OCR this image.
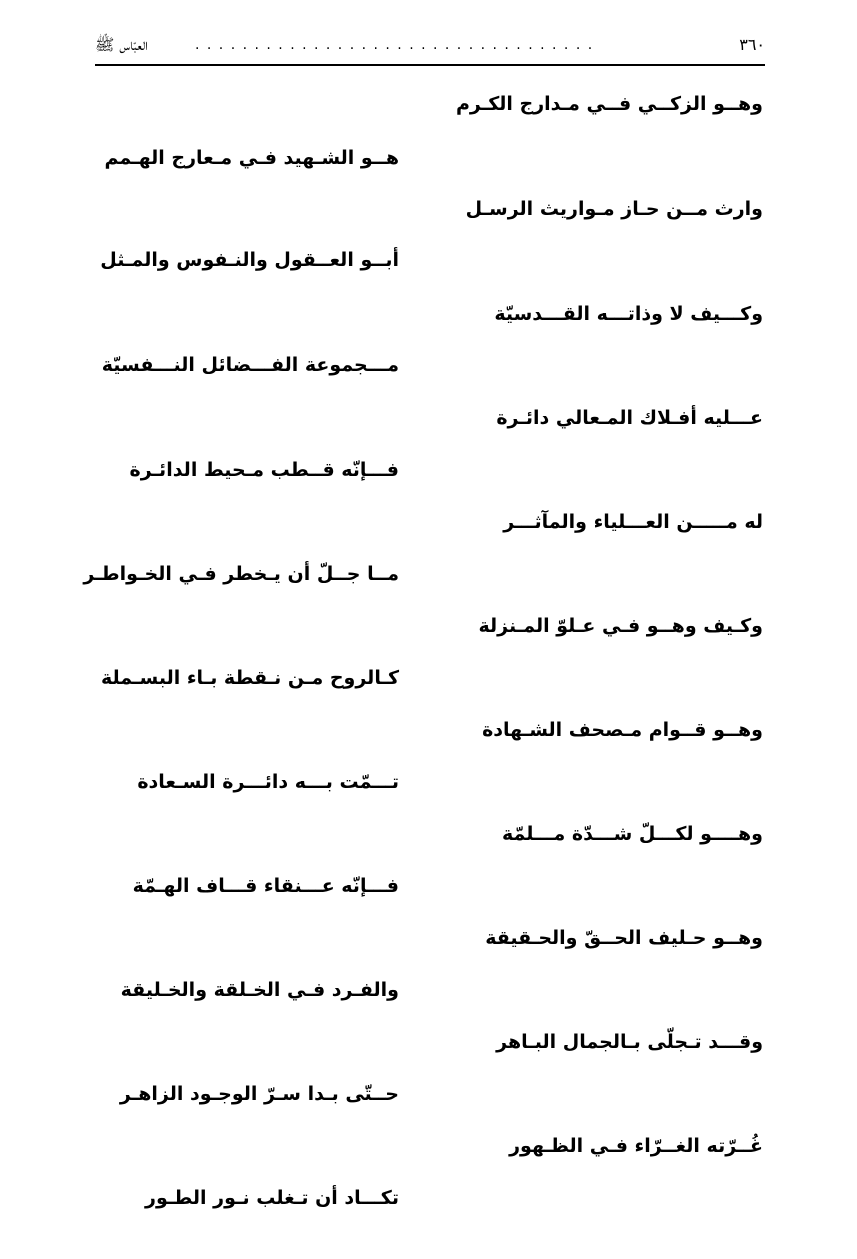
العبّاس ﷺ	. . . . . . . . . . . . . . . . . . . . . . . . . . . . . . . . . .	٣٦٠
وهــو الزكــي فــي مـدارج الكـرم
هــو الشـهيد فـي مـعارج الهـمم
وارث مــن حـاز مـواريث الرسـل
أبــو العــقول والنـفوس والمـثل
وكـــيف لا وذاتـــه القـــدسيّة
مـــجموعة الفـــضائل النـــفسيّة
عـــليه أفـلاك المـعالي دائـرة
فـــإنّه قــطب مـحيط الدائـرة
له مـــــن العـــلياء والمآثـــر
مــا جــلّ أن يـخطر فـي الخـواطـر
وكـيف وهــو فـي عـلوّ المـنزلة
كـالروح مـن نـقطة بـاء البسـملة
وهــو قــوام مـصحف الشـهادة
تـــمّت بـــه دائـــرة السـعادة
وهــــو لكـــلّ شـــدّة مـــلمّة
فـــإنّه عـــنقاء قـــاف الهـمّة
وهــو حـليف الحــقّ والحـقيقة
والفـرد فـي الخـلقة والخـليقة
وقـــد تـجلّى بـالجمال البـاهر
حــتّى بـدا سـرّ الوجـود الزاهـر
غُــرّته الغــرّاء فـي الظـهور
تكـــاد أن تـغلب نـور الطـور
